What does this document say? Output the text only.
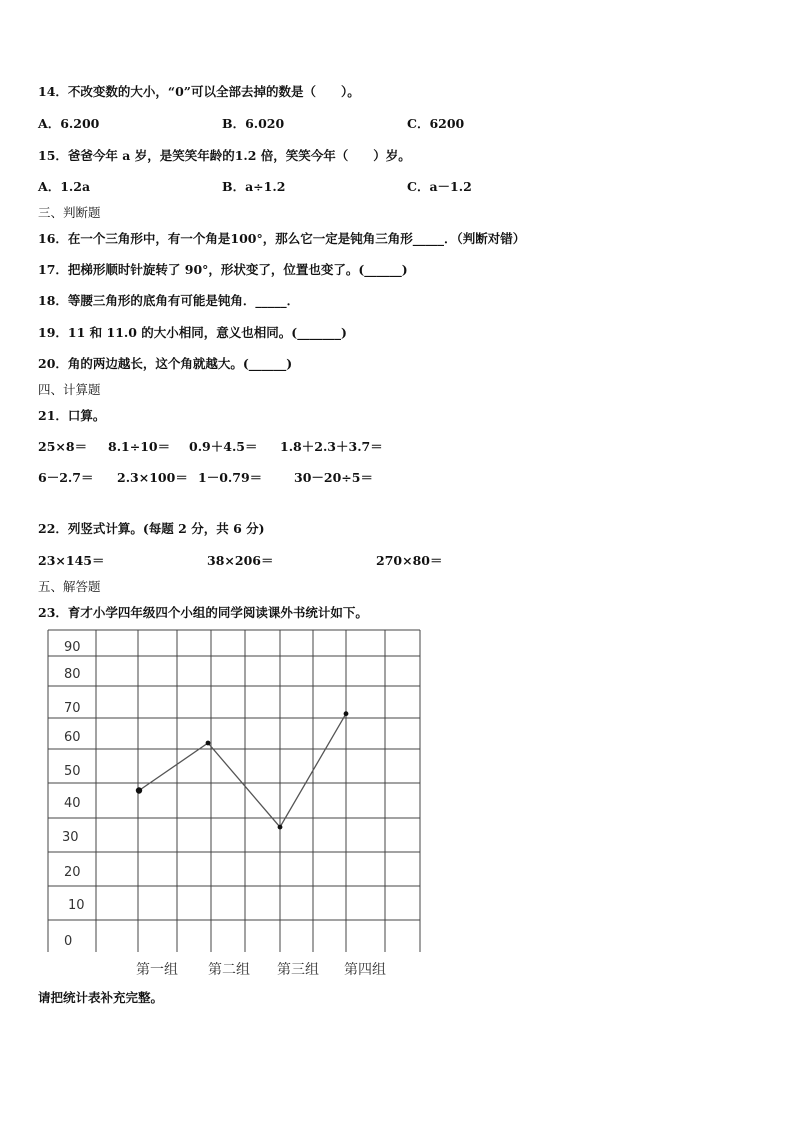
14．不改变数的大小，“0”可以全部去掉的数是（　　）。
A．6.200	B．6.020	C．6200
15．爸爸今年 a 岁，是笑笑年龄的1.2 倍，笑笑今年（　　）岁。
A．1.2a	B．a÷1.2	C．a－1.2
三、判断题
16．在一个三角形中，有一个角是100°，那么它一定是钝角三角形_____．（判断对错）
17．把梯形顺时针旋转了 90°，形状变了，位置也变了。(______)
18．等腰三角形的底角有可能是钝角．_____．
19．11 和 11.0 的大小相同，意义也相同。(_______)
20．角的两边越长，这个角就越大。(______)
四、计算题
21．口算。
25×8＝ 8.1÷10＝ 0.9＋4.5＝ 1.8＋2.3＋3.7＝
6－2.7＝ 2.3×100＝ 1－0.79＝	30－20÷5＝
22．列竖式计算。(每题 2 分，共 6 分)
23×145＝	38×206＝	270×80＝
五、解答题
23．育才小学四年级四个小组的同学阅读课外书统计如下。
0
10
20
30
40
50
60
70
80
90
第一组 第二组 第三组 第四组
请把统计表补充完整。
